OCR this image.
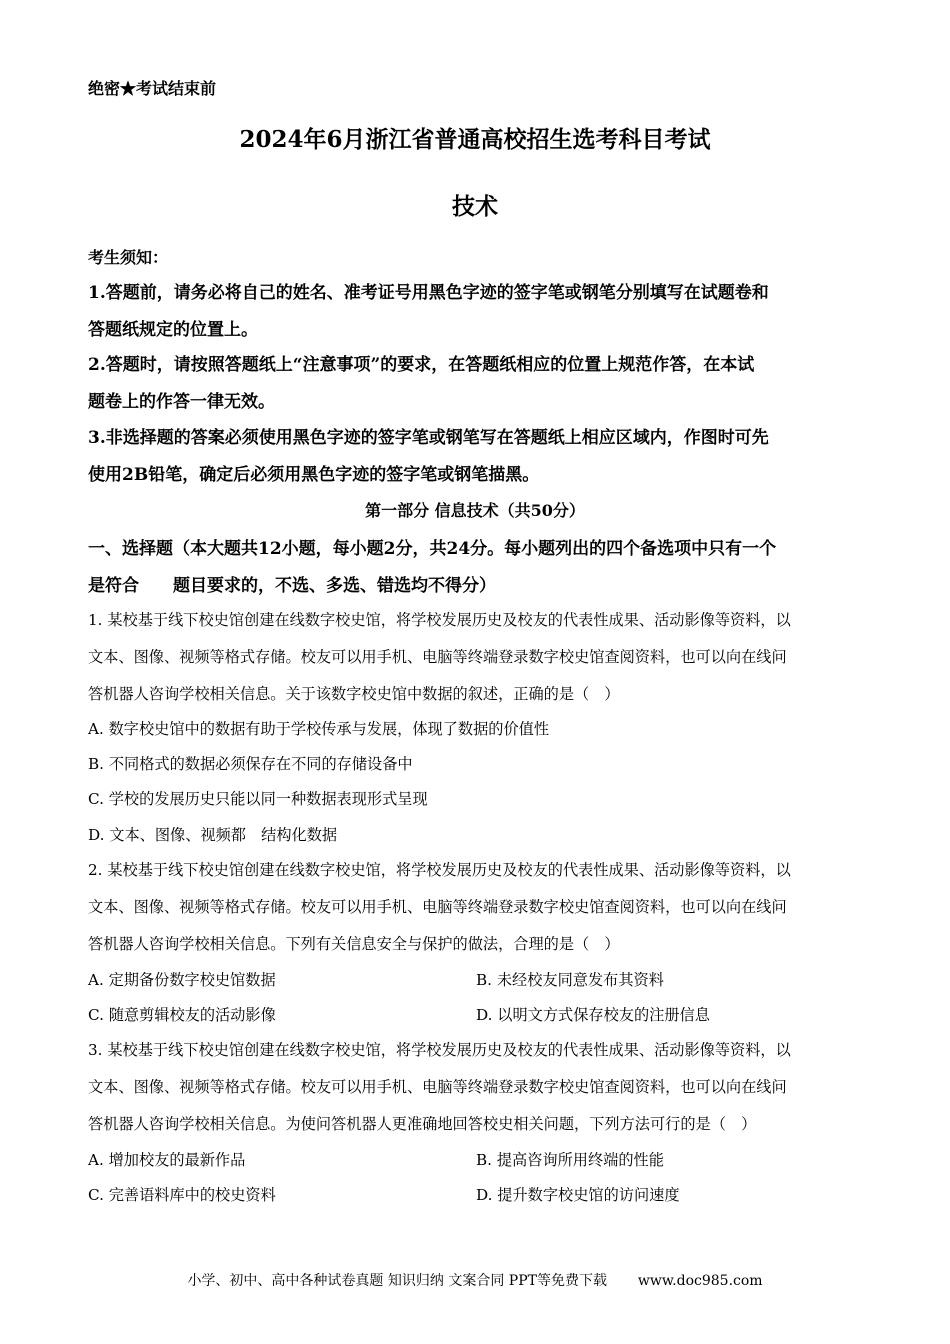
绝密★考试结束前
2024年6月浙江省普通高校招生选考科目考试
技术
考生须知：
1.答题前，请务必将自己的姓名、准考证号用黑色字迹的签字笔或钢笔分别填写在试题卷和
答题纸规定的位置上。
2.答题时，请按照答题纸上“注意事项”的要求，在答题纸相应的位置上规范作答，在本试
题卷上的作答一律无效。
3.非选择题的答案必须使用黑色字迹的签字笔或钢笔写在答题纸上相应区域内，作图时可先
使用2B铅笔，确定后必须用黑色字迹的签字笔或钢笔描黑。
第一部分 信息技术（共50分）
一、选择题（本大题共12小题，每小题2分，共24分。每小题列出的四个备选项中只有一个
是符合　　题目要求的，不选、多选、错选均不得分）
1. 某校基于线下校史馆创建在线数字校史馆，将学校发展历史及校友的代表性成果、活动影像等资料，以
文本、图像、视频等格式存储。校友可以用手机、电脑等终端登录数字校史馆查阅资料，也可以向在线问
答机器人咨询学校相关信息。关于该数字校史馆中数据的叙述，正确的是（　）
A. 数字校史馆中的数据有助于学校传承与发展，体现了数据的价值性
B. 不同格式的数据必须保存在不同的存储设备中
C. 学校的发展历史只能以同一种数据表现形式呈现
D. 文本、图像、视频都　结构化数据
2. 某校基于线下校史馆创建在线数字校史馆，将学校发展历史及校友的代表性成果、活动影像等资料，以
文本、图像、视频等格式存储。校友可以用手机、电脑等终端登录数字校史馆查阅资料，也可以向在线问
答机器人咨询学校相关信息。下列有关信息安全与保护的做法，合理的是（　）
A. 定期备份数字校史馆数据	B. 未经校友同意发布其资料
C. 随意剪辑校友的活动影像	D. 以明文方式保存校友的注册信息
3. 某校基于线下校史馆创建在线数字校史馆，将学校发展历史及校友的代表性成果、活动影像等资料，以
文本、图像、视频等格式存储。校友可以用手机、电脑等终端登录数字校史馆查阅资料，也可以向在线问
答机器人咨询学校相关信息。为使问答机器人更准确地回答校史相关问题，下列方法可行的是（　）
A. 增加校友的最新作品	B. 提高咨询所用终端的性能
C. 完善语料库中的校史资料	D. 提升数字校史馆的访问速度
小学、初中、高中各种试卷真题 知识归纳 文案合同 PPT等免费下载 www.doc985.com
